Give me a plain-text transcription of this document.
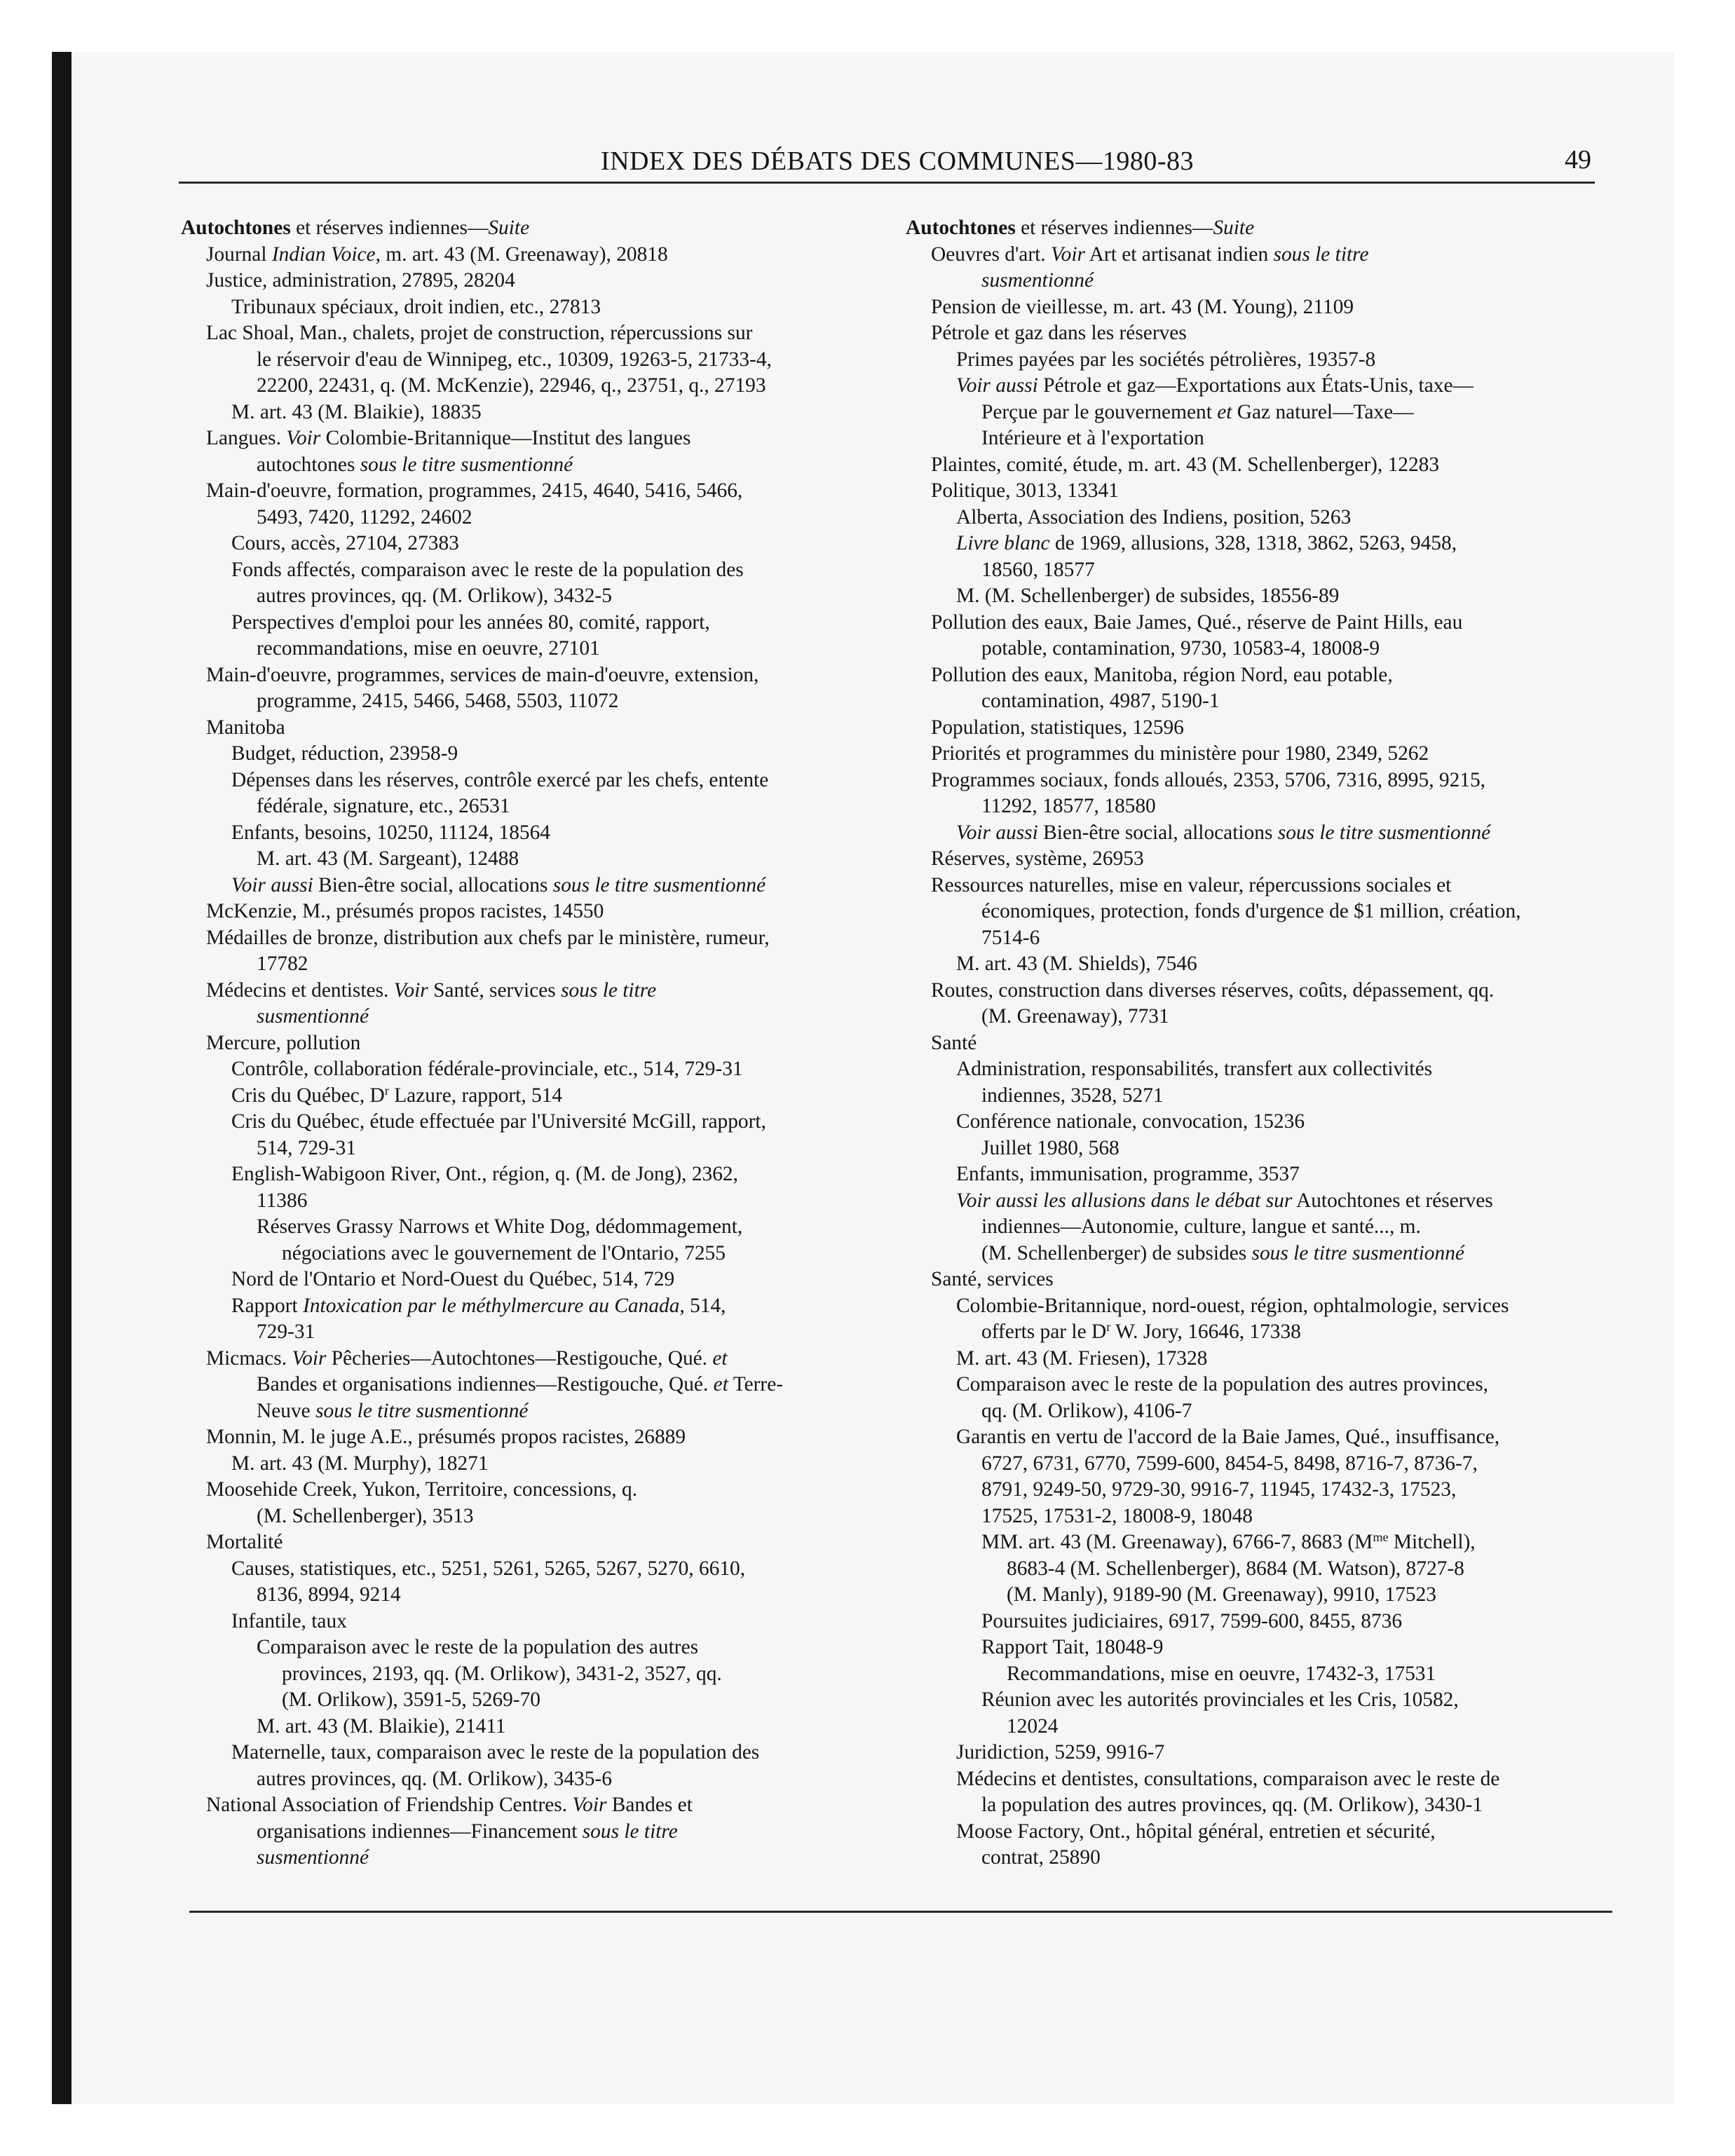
INDEX DES DÉBATS DES COMMUNES—1980-83	49
Autochtones et réserves indiennes—Suite
Journal Indian Voice, m. art. 43 (M. Greenaway), 20818
Justice, administration, 27895, 28204
Tribunaux spéciaux, droit indien, etc., 27813
Lac Shoal, Man., chalets, projet de construction, répercussions sur
le réservoir d'eau de Winnipeg, etc., 10309, 19263-5, 21733-4,
22200, 22431, q. (M. McKenzie), 22946, q., 23751, q., 27193
M. art. 43 (M. Blaikie), 18835
Langues. Voir Colombie-Britannique—Institut des langues
autochtones sous le titre susmentionné
Main-d'oeuvre, formation, programmes, 2415, 4640, 5416, 5466,
5493, 7420, 11292, 24602
Cours, accès, 27104, 27383
Fonds affectés, comparaison avec le reste de la population des
autres provinces, qq. (M. Orlikow), 3432-5
Perspectives d'emploi pour les années 80, comité, rapport,
recommandations, mise en oeuvre, 27101
Main-d'oeuvre, programmes, services de main-d'oeuvre, extension,
programme, 2415, 5466, 5468, 5503, 11072
Manitoba
Budget, réduction, 23958-9
Dépenses dans les réserves, contrôle exercé par les chefs, entente
fédérale, signature, etc., 26531
Enfants, besoins, 10250, 11124, 18564
M. art. 43 (M. Sargeant), 12488
Voir aussi Bien-être social, allocations sous le titre susmentionné
McKenzie, M., présumés propos racistes, 14550
Médailles de bronze, distribution aux chefs par le ministère, rumeur,
17782
Médecins et dentistes. Voir Santé, services sous le titre
susmentionné
Mercure, pollution
Contrôle, collaboration fédérale-provinciale, etc., 514, 729-31
Cris du Québec, $D^r$ Lazure, rapport, 514
Cris du Québec, étude effectuée par l'Université McGill, rapport,
514, 729-31
English-Wabigoon River, Ont., région, q. (M. de Jong), 2362,
11386
Réserves Grassy Narrows et White Dog, dédommagement,
négociations avec le gouvernement de l'Ontario, 7255
Nord de l'Ontario et Nord-Ouest du Québec, 514, 729
Rapport Intoxication par le méthylmercure au Canada, 514,
729-31
Micmacs. Voir Pêcheries—Autochtones—Restigouche, Qué. et
Bandes et organisations indiennes—Restigouche, Qué. et Terre-
Neuve sous le titre susmentionné
Monnin, M. le juge A.E., présumés propos racistes, 26889
M. art. 43 (M. Murphy), 18271
Moosehide Creek, Yukon, Territoire, concessions, q.
(M. Schellenberger), 3513
Mortalité
Causes, statistiques, etc., 5251, 5261, 5265, 5267, 5270, 6610,
8136, 8994, 9214
Infantile, taux
Comparaison avec le reste de la population des autres
provinces, 2193, qq. (M. Orlikow), 3431-2, 3527, qq.
(M. Orlikow), 3591-5, 5269-70
M. art. 43 (M. Blaikie), 21411
Maternelle, taux, comparaison avec le reste de la population des
autres provinces, qq. (M. Orlikow), 3435-6
National Association of Friendship Centres. Voir Bandes et
organisations indiennes—Financement sous le titre
susmentionné
Autochtones et réserves indiennes—Suite
Oeuvres d'art. Voir Art et artisanat indien sous le titre
susmentionné
Pension de vieillesse, m. art. 43 (M. Young), 21109
Pétrole et gaz dans les réserves
Primes payées par les sociétés pétrolières, 19357-8
Voir aussi Pétrole et gaz—Exportations aux États-Unis, taxe—
Perçue par le gouvernement et Gaz naturel—Taxe—
Intérieure et à l'exportation
Plaintes, comité, étude, m. art. 43 (M. Schellenberger), 12283
Politique, 3013, 13341
Alberta, Association des Indiens, position, 5263
Livre blanc de 1969, allusions, 328, 1318, 3862, 5263, 9458,
18560, 18577
M. (M. Schellenberger) de subsides, 18556-89
Pollution des eaux, Baie James, Qué., réserve de Paint Hills, eau
potable, contamination, 9730, 10583-4, 18008-9
Pollution des eaux, Manitoba, région Nord, eau potable,
contamination, 4987, 5190-1
Population, statistiques, 12596
Priorités et programmes du ministère pour 1980, 2349, 5262
Programmes sociaux, fonds alloués, 2353, 5706, 7316, 8995, 9215,
11292, 18577, 18580
Voir aussi Bien-être social, allocations sous le titre susmentionné
Réserves, système, 26953
Ressources naturelles, mise en valeur, répercussions sociales et
économiques, protection, fonds d'urgence de $1 million, création,
7514-6
M. art. 43 (M. Shields), 7546
Routes, construction dans diverses réserves, coûts, dépassement, qq.
(M. Greenaway), 7731
Santé
Administration, responsabilités, transfert aux collectivités
indiennes, 3528, 5271
Conférence nationale, convocation, 15236
Juillet 1980, 568
Enfants, immunisation, programme, 3537
Voir aussi les allusions dans le débat sur Autochtones et réserves
indiennes—Autonomie, culture, langue et santé..., m.
(M. Schellenberger) de subsides sous le titre susmentionné
Santé, services
Colombie-Britannique, nord-ouest, région, ophtalmologie, services
offerts par le $D^r$ W. Jory, 16646, 17338
M. art. 43 (M. Friesen), 17328
Comparaison avec le reste de la population des autres provinces,
qq. (M. Orlikow), 4106-7
Garantis en vertu de l'accord de la Baie James, Qué., insuffisance,
6727, 6731, 6770, 7599-600, 8454-5, 8498, 8716-7, 8736-7,
8791, 9249-50, 9729-30, 9916-7, 11945, 17432-3, 17523,
17525, 17531-2, 18008-9, 18048
MM. art. 43 (M. Greenaway), 6766-7, 8683 ($M^{me}$ Mitchell),
8683-4 (M. Schellenberger), 8684 (M. Watson), 8727-8
(M. Manly), 9189-90 (M. Greenaway), 9910, 17523
Poursuites judiciaires, 6917, 7599-600, 8455, 8736
Rapport Tait, 18048-9
Recommandations, mise en oeuvre, 17432-3, 17531
Réunion avec les autorités provinciales et les Cris, 10582,
12024
Juridiction, 5259, 9916-7
Médecins et dentistes, consultations, comparaison avec le reste de
la population des autres provinces, qq. (M. Orlikow), 3430-1
Moose Factory, Ont., hôpital général, entretien et sécurité,
contrat, 25890
